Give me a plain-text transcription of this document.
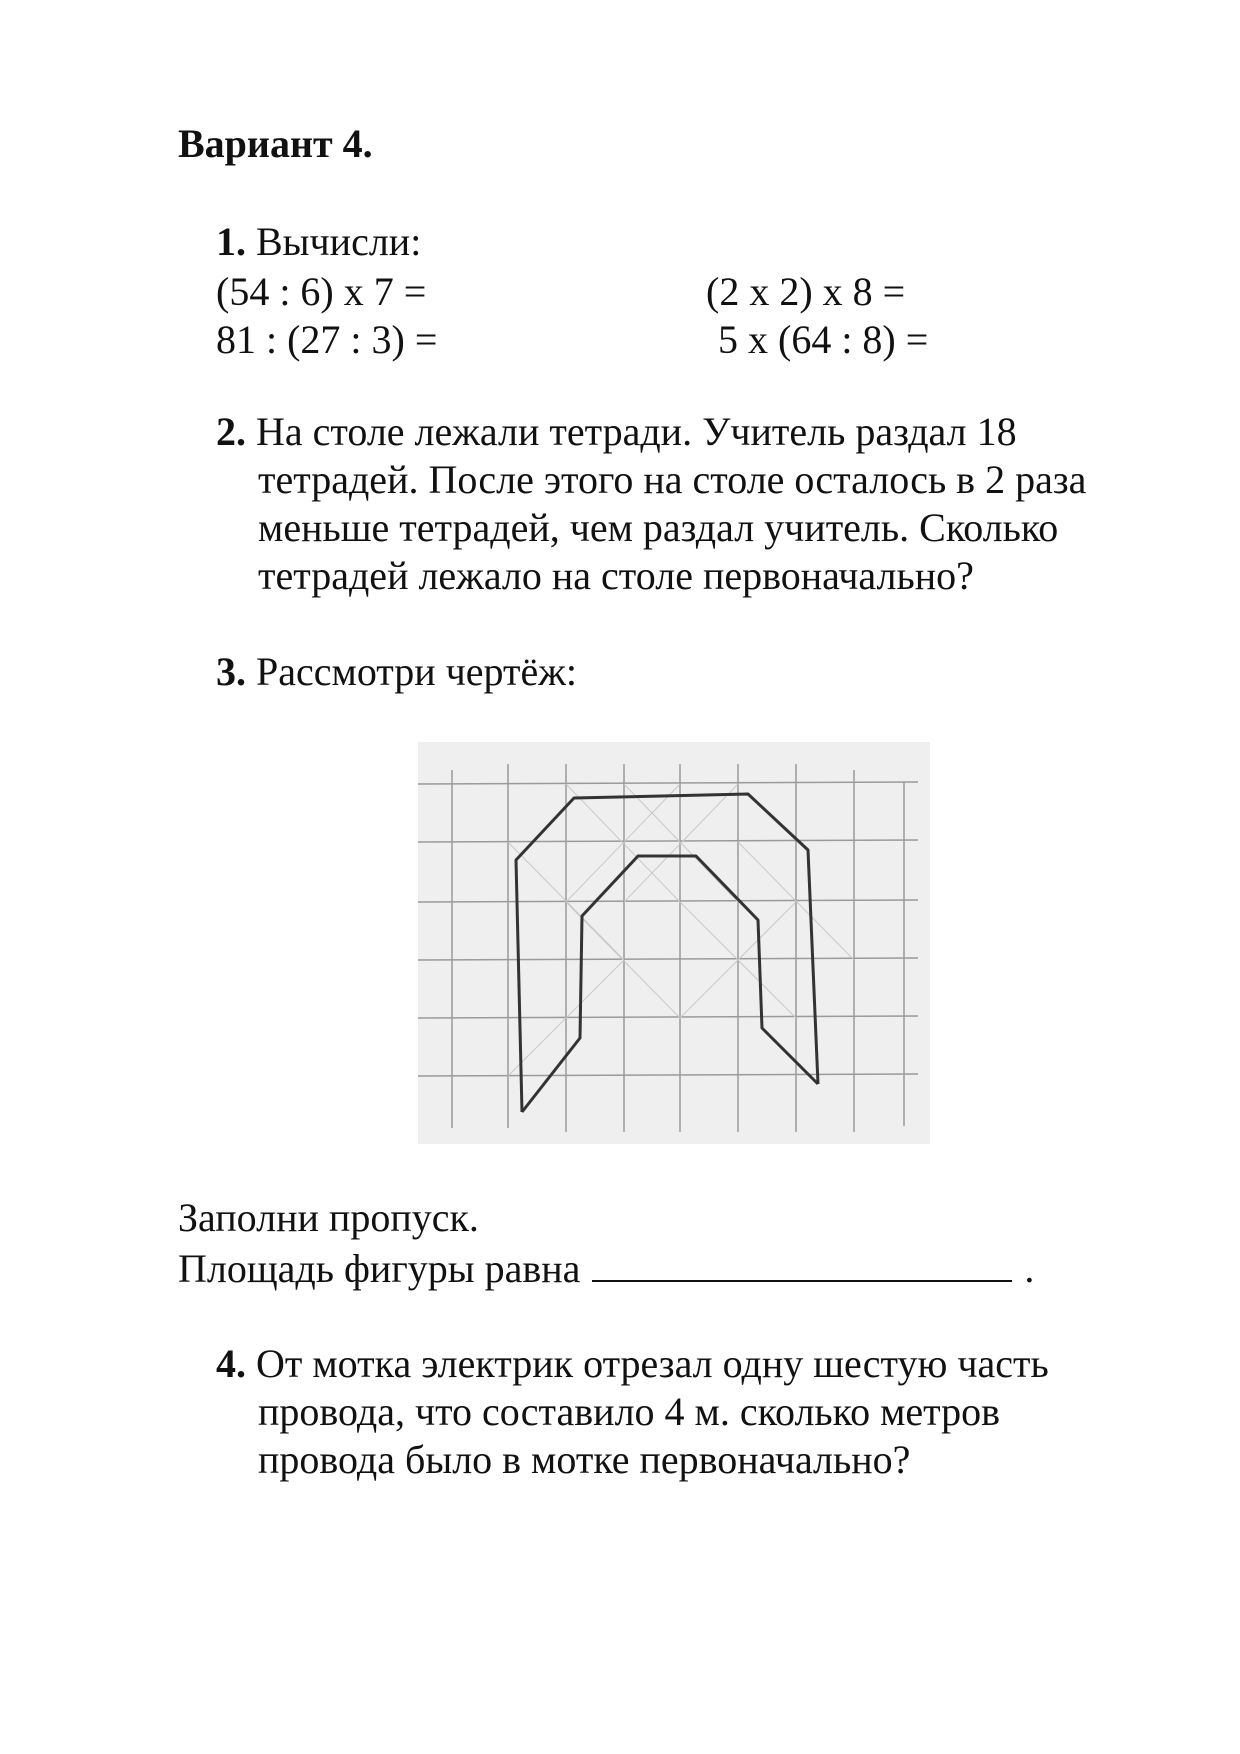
Вариант 4.
1. Вычисли:
(54 : 6) х 7 =	(2 х 2) х 8 =
81 : (27 : 3) =	5 х (64 : 8) =
2. На столе лежали тетради. Учитель раздал 18
тетрадей. После этого на столе осталось в 2 раза
меньше тетрадей, чем раздал учитель. Сколько
тетрадей лежало на столе первоначально?
3. Рассмотри чертёж:
Заполни пропуск.
Площадь фигуры равна	.
4. От мотка электрик отрезал одну шестую часть
провода, что составило 4 м. сколько метров
провода было в мотке первоначально?
